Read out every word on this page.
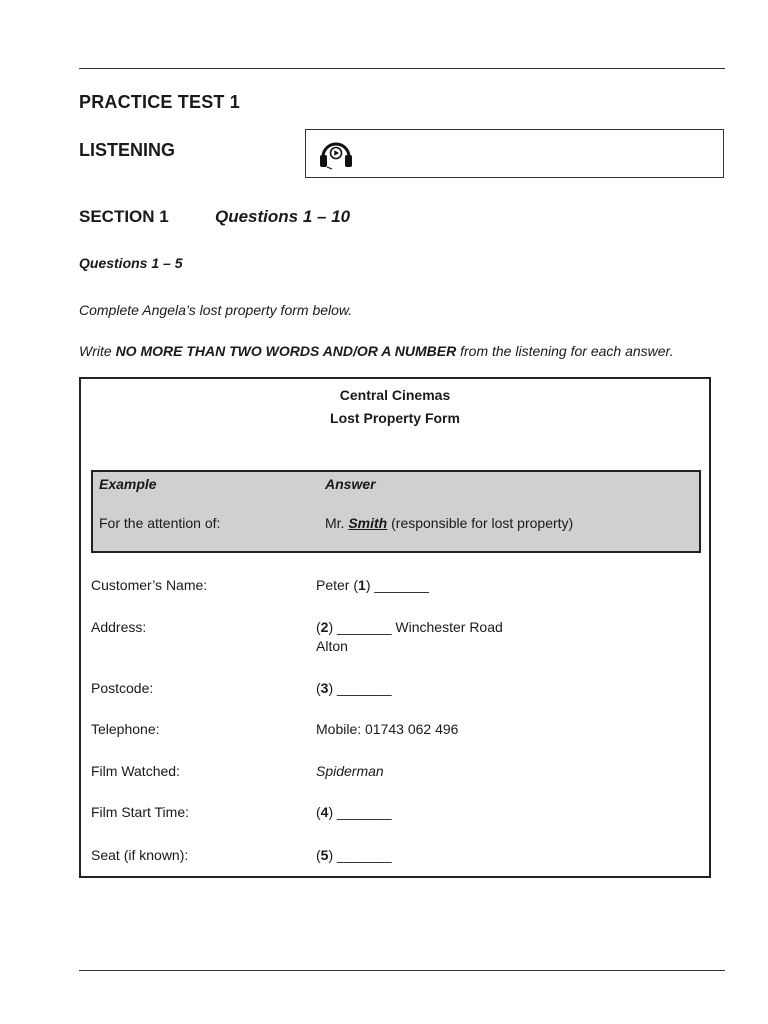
PRACTICE TEST 1
LISTENING
SECTION 1	Questions 1 – 10
Questions 1 – 5
Complete Angela’s lost property form below.
Write NO MORE THAN TWO WORDS AND/OR A NUMBER from the listening for each answer.
Central Cinemas
Lost Property Form
Example	Answer
For the attention of:	Mr. Smith (responsible for lost property)
Customer’s Name:	Peter (1) _______
Address:	(2) _______ Winchester Road
Alton
Postcode:	(3) _______
Telephone:	Mobile: 01743 062 496
Film Watched:	Spiderman
Film Start Time:	(4) _______
Seat (if known):	(5) _______
